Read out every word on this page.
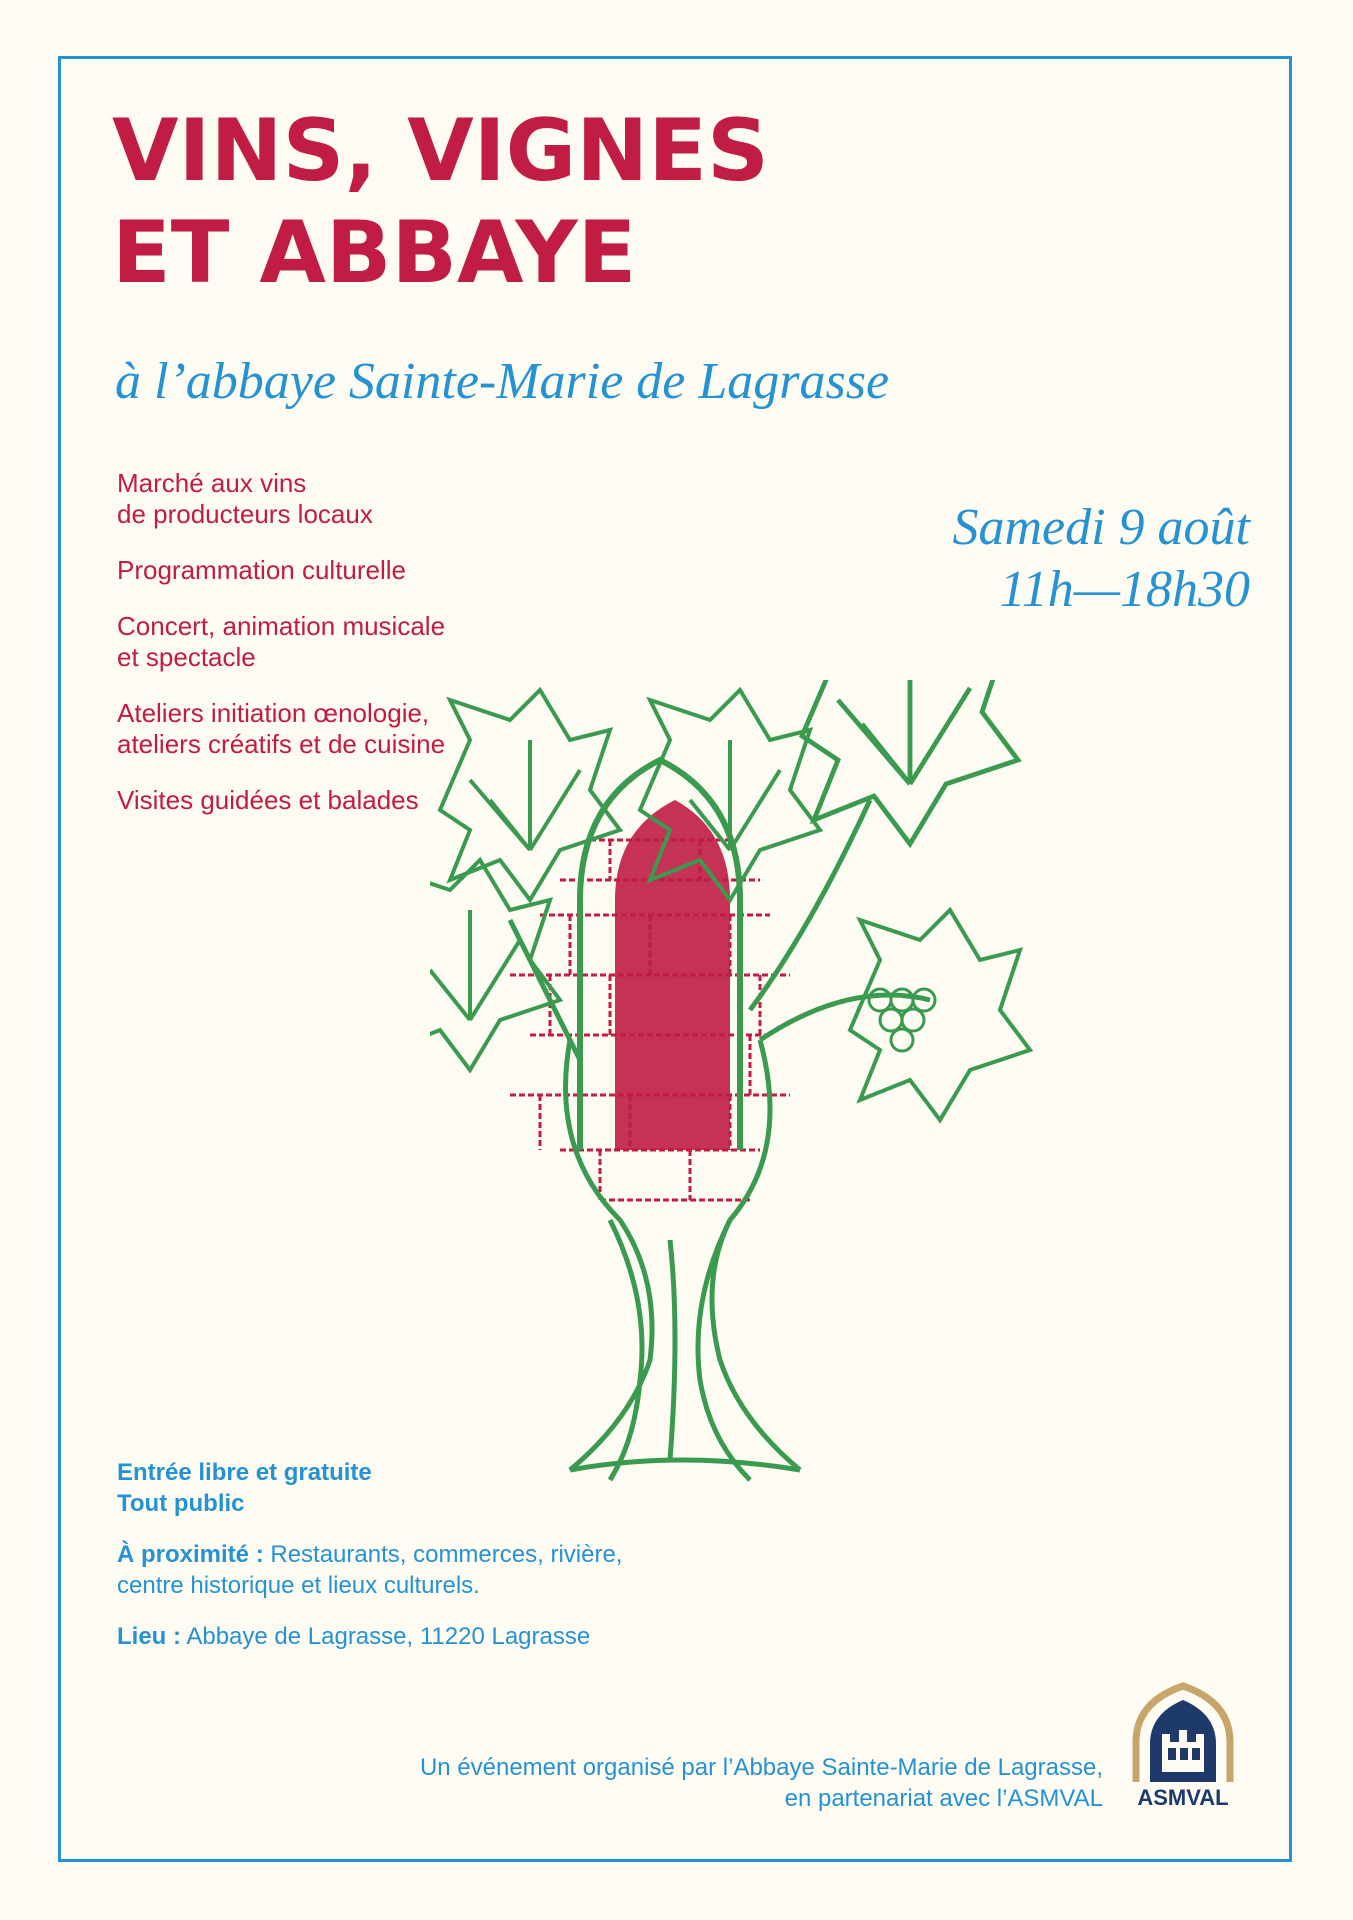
VINS, VIGNES
ET ABBAYE
à l’abbaye Sainte-Marie de Lagrasse
Marché aux vins
de producteurs locaux
Programmation culturelle
Concert, animation musicale
et spectacle
Ateliers initiation œnologie,
ateliers créatifs et de cuisine
Visites guidées et balades
Samedi 9 août
11h—18h30
Entrée libre et gratuite
Tout public

À proximité : Restaurants, commerces, rivière,
centre historique et lieux culturels.

Lieu : Abbaye de Lagrasse, 11220 Lagrasse

Un événement organisé par l’Abbaye Sainte-Marie de Lagrasse,
en partenariat avec l’ASMVAL	ASMVAL
